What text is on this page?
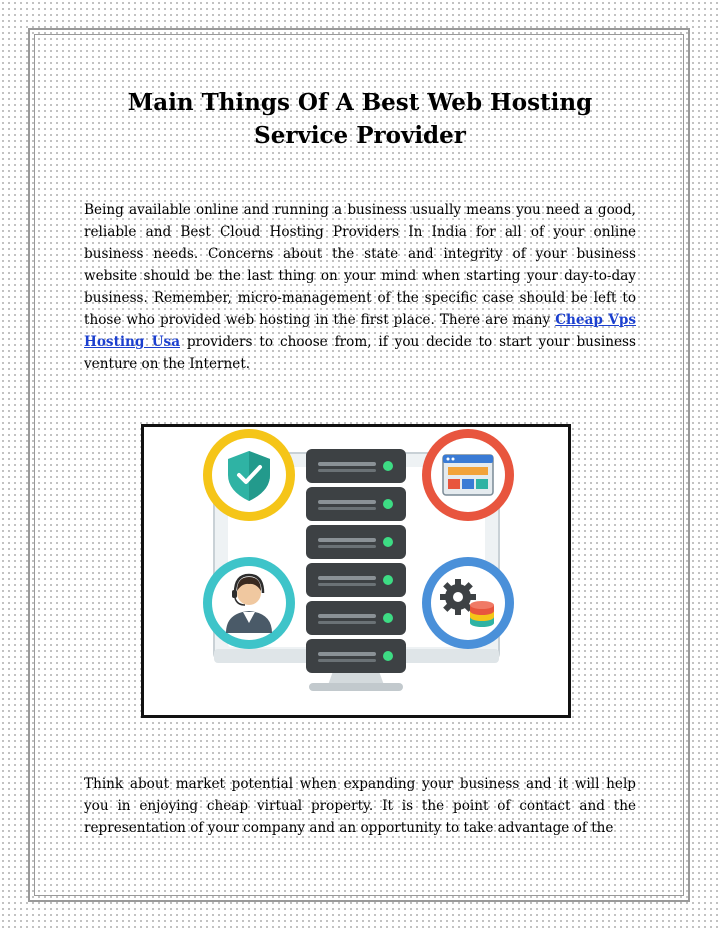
Main Things Of A Best Web Hosting Service Provider

Being available online and running a business usually means you need a good, reliable and Best Cloud Hosting Providers In India for all of your online business needs. Concerns about the state and integrity of your business website should be the last thing on your mind when starting your day-to-day business. Remember, micro-management of the specific case should be left to those who provided web hosting in the first place. There are many Cheap Vps Hosting Usa providers to choose from, if you decide to start your business venture on the Internet.

Think about market potential when expanding your business and it will help you in enjoying cheap virtual property. It is the point of contact and the representation of your company and an opportunity to take advantage of the
